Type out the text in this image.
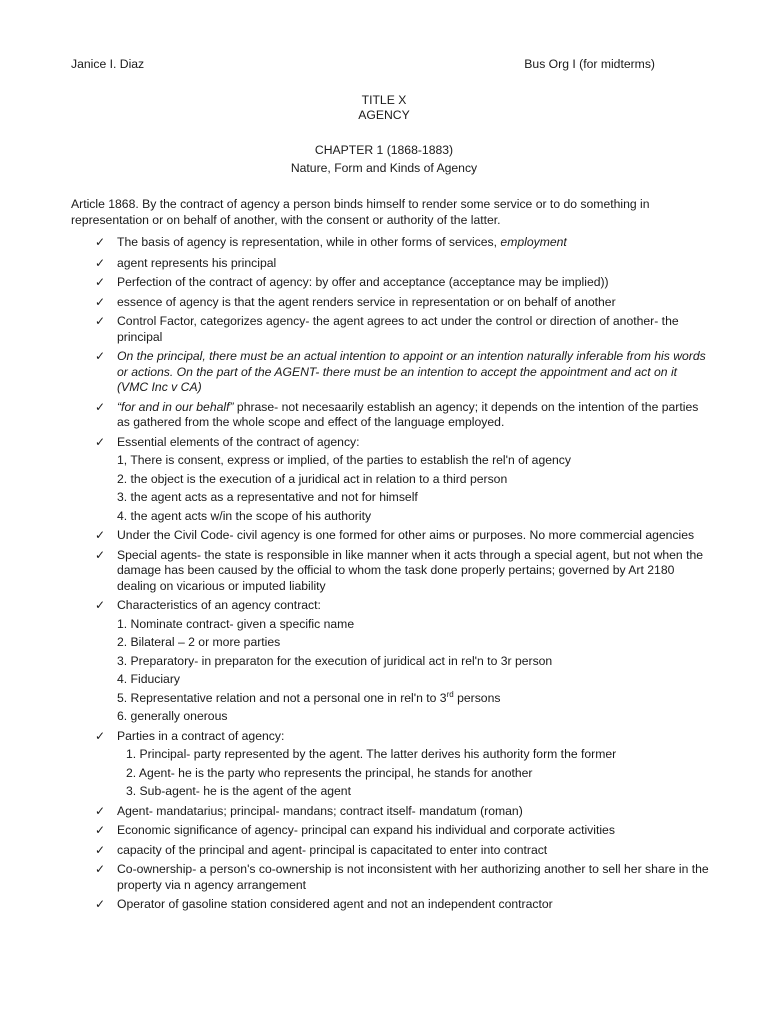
Janice I. Diaz	Bus Org I (for midterms)
TITLE X
AGENCY
CHAPTER 1 (1868-1883)
Nature, Form and Kinds of Agency
Article 1868. By the contract of agency a person binds himself to render some service or to do something in representation or on behalf of another, with the consent or authority of the latter.
✓ The basis of agency is representation, while in other forms of services, employment
✓ agent represents his principal
✓ Perfection of the contract of agency: by offer and acceptance (acceptance may be implied))
✓ essence of agency is that the agent renders service in representation or on behalf of another
✓ Control Factor, categorizes agency- the agent agrees to act under the control or direction of another- the principal
✓ On the principal, there must be an actual intention to appoint or an intention naturally inferable from his words or actions. On the part of the AGENT- there must be an intention to accept the appointment and act on it (VMC Inc v CA)
✓ “for and in our behalf” phrase- not necesaarily establish an agency; it depends on the intention of the parties as gathered from the whole scope and effect of the language employed.
✓ Essential elements of the contract of agency:
1, There is consent, express or implied, of the parties to establish the rel'n of agency
2. the object is the execution of a juridical act in relation to a third person
3. the agent acts as a representative and not for himself
4. the agent acts w/in the scope of his authority
✓ Under the Civil Code- civil agency is one formed for other aims or purposes. No more commercial agencies
✓ Special agents- the state is responsible in like manner when it acts through a special agent, but not when the damage has been caused by the official to whom the task done properly pertains; governed by Art 2180 dealing on vicarious or imputed liability
✓ Characteristics of an agency contract:
1. Nominate contract- given a specific name
2. Bilateral – 2 or more parties
3. Preparatory- in preparaton for the execution of juridical act in rel'n to 3r person
4. Fiduciary
5. Representative relation and not a personal one in rel'n to 3rd persons
6. generally onerous
✓ Parties in a contract of agency:
1. Principal- party represented by the agent. The latter derives his authority form the former
2. Agent- he is the party who represents the principal, he stands for another
3. Sub-agent- he is the agent of the agent
✓ Agent- mandatarius; principal- mandans; contract itself- mandatum (roman)
✓ Economic significance of agency- principal can expand his individual and corporate activities
✓ capacity of the principal and agent- principal is capacitated to enter into contract
✓ Co-ownership- a person's co-ownership is not inconsistent with her authorizing another to sell her share in the property via n agency arrangement
✓ Operator of gasoline station considered agent and not an independent contractor
